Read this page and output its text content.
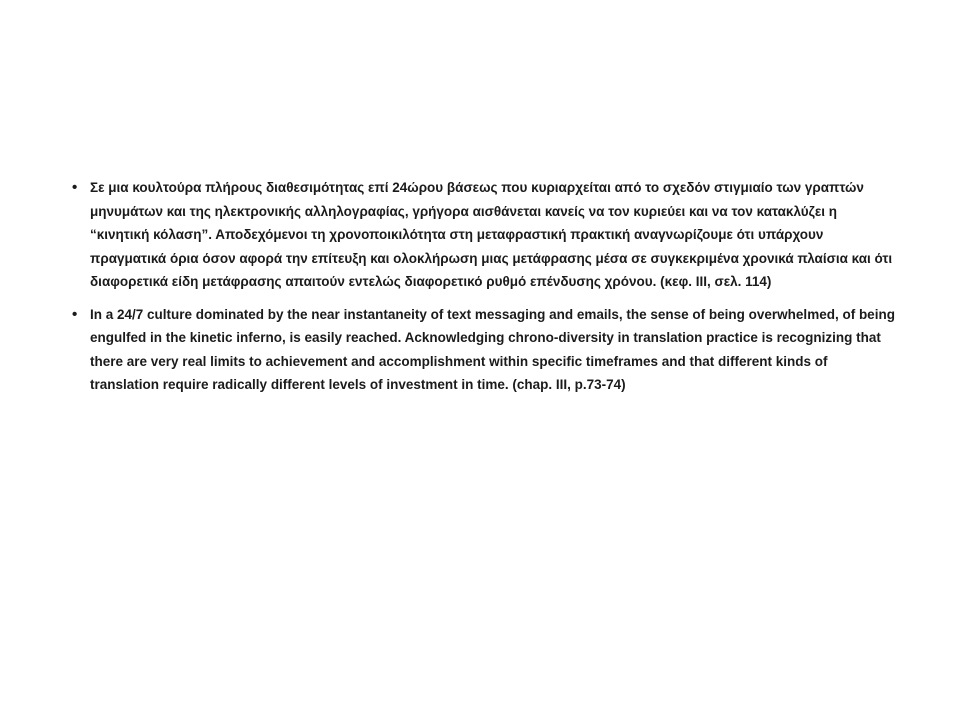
• Σε μια κουλτούρα πλήρους διαθεσιμότητας επί 24ώρου βάσεως που κυριαρχείται από το σχεδόν στιγμιαίο των γραπτών μηνυμάτων και της ηλεκτρονικής αλληλογραφίας, γρήγορα αισθάνεται κανείς να τον κυριεύει και να τον κατακλύζει η “κινητική κόλαση”. Αποδεχόμενοι τη χρονοποικιλότητα στη μεταφραστική πρακτική αναγνωρίζουμε ότι υπάρχουν πραγματικά όρια όσον αφορά την επίτευξη και ολοκλήρωση μιας μετάφρασης μέσα σε συγκεκριμένα χρονικά πλαίσια και ότι διαφορετικά είδη μετάφρασης απαιτούν εντελώς διαφορετικό ρυθμό επένδυσης χρόνου. (κεφ. ΙΙΙ, σελ. 114)
• In a 24/7 culture dominated by the near instantaneity of text messaging and emails, the sense of being overwhelmed, of being engulfed in the kinetic inferno, is easily reached. Acknowledging chrono-diversity in translation practice is recognizing that there are very real limits to achievement and accomplishment within specific timeframes and that different kinds of translation require radically different levels of investment in time. (chap. III, p.73-74)
